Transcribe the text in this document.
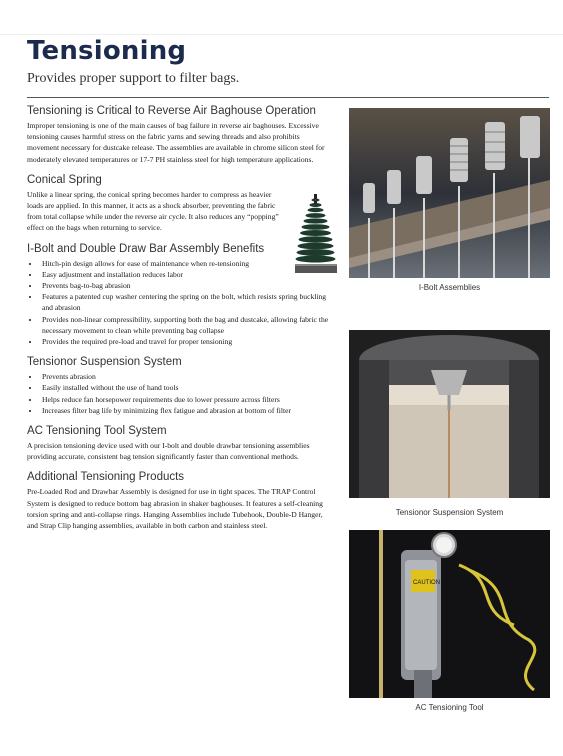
Tensioning

Provides proper support to filter bags.

Tensioning is Critical to Reverse Air Baghouse Operation

Improper tensioning is one of the main causes of bag failure in reverse air baghouses. Excessive tensioning causes harmful stress on the fabric yarns and sewing threads and also prohibits movement necessary for dustcake release. The assemblies are available in chrome silicon steel for moderately elevated temperatures or 17-7 PH stainless steel for high temperature applications.

Conical Spring

Unlike a linear spring, the conical spring becomes harder to compress as heavier loads are applied. In this manner, it acts as a shock absorber, preventing the fabric from total collapse while under the reverse air cycle. It also reduces any “popping” effect on the bags when returning to service.

I-Bolt and Double Draw Bar Assembly Benefits
• Hitch-pin design allows for ease of maintenance when re-tensioning
• Easy adjustment and installation reduces labor
• Prevents bag-to-bag abrasion
• Features a patented cup washer centering the spring on the bolt, which resists spring buckling and abrasion
• Provides non-linear compressibility, supporting both the bag and dustcake, allowing fabric the necessary movement to clean while preventing bag collapse
• Provides the required pre-load and travel for proper tensioning
Tensionor Suspension System
• Prevents abrasion
• Easily installed without the use of hand tools
• Helps reduce fan horsepower requirements due to lower pressure across filters
• Increases filter bag life by minimizing flex fatigue and abrasion at bottom of filter
AC Tensioning Tool System

A precision tensioning device used with our I-bolt and double drawbar tensioning assemblies providing accurate, consistent bag tension significantly faster than conventional methods.

Additional Tensioning Products

Pre-Loaded Rod and Drawbar Assembly is designed for use in tight spaces. The TRAP Control System is designed to reduce bottom bag abrasion in shaker baghouses. It features a self-cleaning torsion spring and anti-collapse rings. Hanging Assemblies include Tubehook, Double-D Hanger, and Strap Clip hanging assemblies, available in both carbon and stainless steel.

I-Bolt Assemblies
Tensionor Suspension System
CAUTION
AC Tensioning Tool
